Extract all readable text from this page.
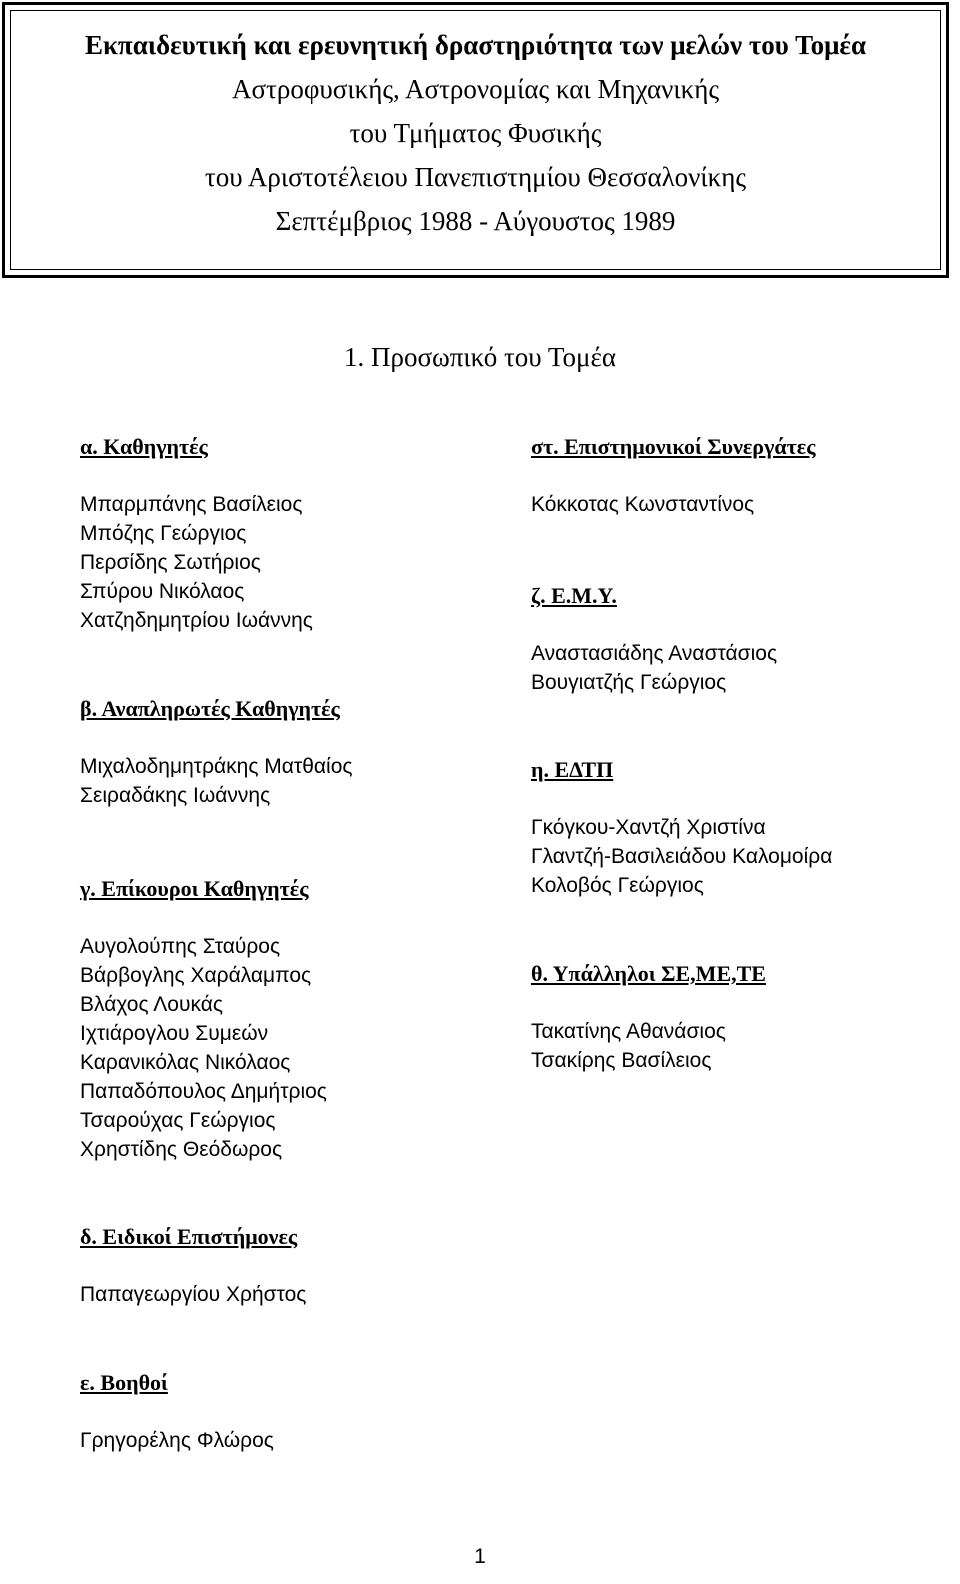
Εκπαιδευτική και ερευνητική δραστηριότητα των μελών του Τομέα
Αστροφυσικής, Αστρονομίας και Μηχανικής
του Τμήματος Φυσικής
του Αριστοτέλειου Πανεπιστημίου Θεσσαλονίκης
Σεπτέμβριος 1988 - Αύγουστος 1989
1. Προσωπικό του Τομέα
α. Καθηγητές
Μπαρμπάνης Βασίλειος
Μπόζης Γεώργιος
Περσίδης Σωτήριος
Σπύρου Νικόλαος
Χατζηδημητρίου Ιωάννης
β. Αναπληρωτές Καθηγητές
Μιχαλοδημητράκης Ματθαίος
Σειραδάκης Ιωάννης
γ. Επίκουροι Καθηγητές
Αυγολούπης Σταύρος
Βάρβογλης Χαράλαμπος
Βλάχος Λουκάς
Ιχτιάρογλου Συμεών
Καρανικόλας Νικόλαος
Παπαδόπουλος Δημήτριος
Τσαρούχας Γεώργιος
Χρηστίδης Θεόδωρος
δ. Ειδικοί Επιστήμονες
Παπαγεωργίου Χρήστος
ε. Βοηθοί
Γρηγορέλης Φλώρος
στ. Επιστημονικοί Συνεργάτες
Κόκκοτας Κωνσταντίνος
ζ. Ε.Μ.Υ.
Αναστασιάδης Αναστάσιος
Βουγιατζής Γεώργιος
η. ΕΔΤΠ
Γκόγκου-Χαντζή Χριστίνα
Γλαντζή-Βασιλειάδου Καλομοίρα
Κολοβός Γεώργιος
θ. Υπάλληλοι ΣΕ,ΜΕ,ΤΕ
Τακατίνης Αθανάσιος
Τσακίρης Βασίλειος
1
